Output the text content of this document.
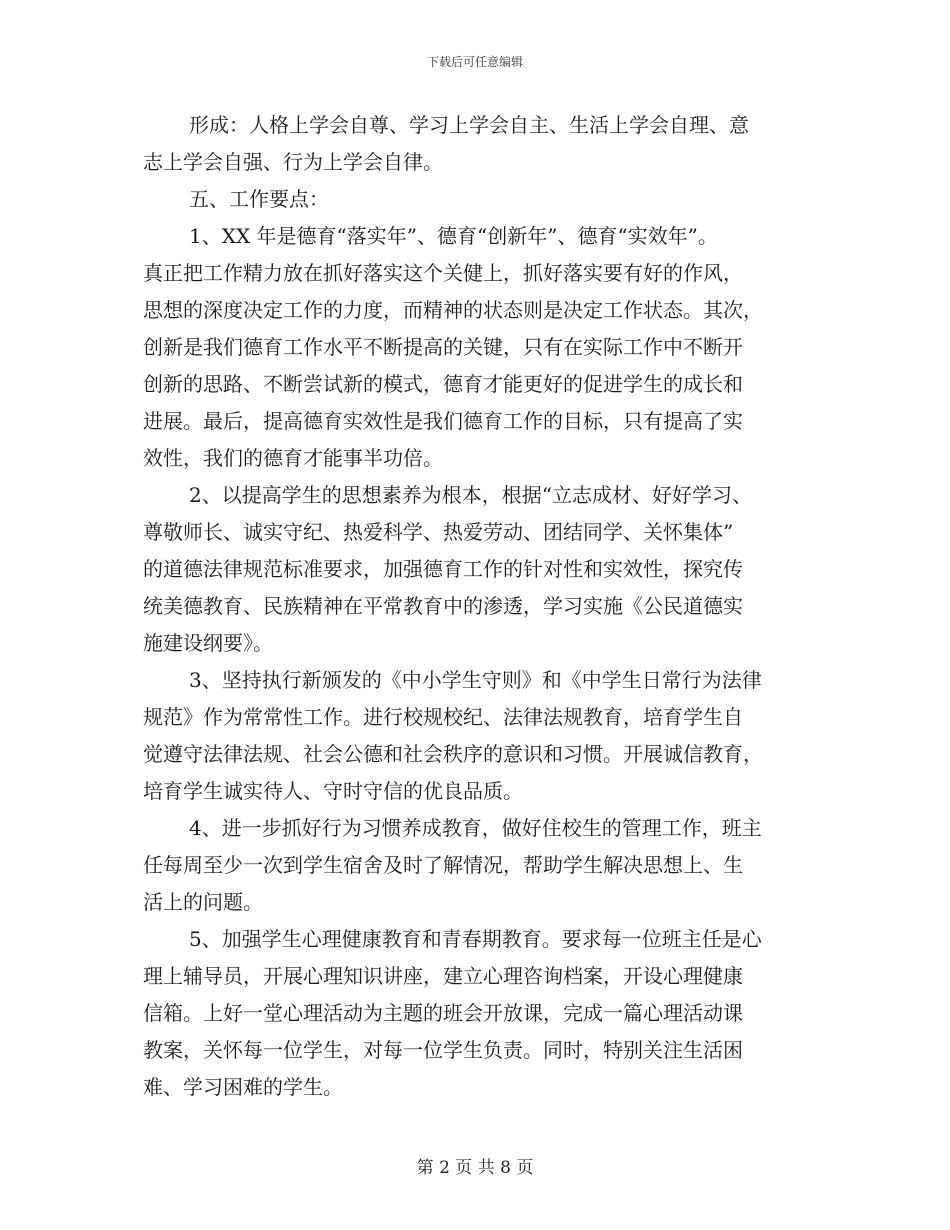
下载后可任意编辑
形成：人格上学会自尊、学习上学会自主、生活上学会自理、意
志上学会自强、行为上学会自律。
五、工作要点：
1、XX 年是德育“落实年”、德育“创新年”、德育“实效年”。
真正把工作精力放在抓好落实这个关健上，抓好落实要有好的作风，
思想的深度决定工作的力度，而精神的状态则是决定工作状态。其次，
创新是我们德育工作水平不断提高的关键，只有在实际工作中不断开
创新的思路、不断尝试新的模式，德育才能更好的促进学生的成长和
进展。最后，提高德育实效性是我们德育工作的目标，只有提高了实
效性，我们的德育才能事半功倍。
2、以提高学生的思想素养为根本，根据“立志成材、好好学习、
尊敬师长、诚实守纪、热爱科学、热爱劳动、团结同学、关怀集体”
的道德法律规范标准要求，加强德育工作的针对性和实效性，探究传
统美德教育、民族精神在平常教育中的渗透，学习实施《公民道德实
施建设纲要》。
3、坚持执行新颁发的《中小学生守则》和《中学生日常行为法律
规范》作为常常性工作。进行校规校纪、法律法规教育，培育学生自
觉遵守法律法规、社会公德和社会秩序的意识和习惯。开展诚信教育，
培育学生诚实待人、守时守信的优良品质。
4、进一步抓好行为习惯养成教育，做好住校生的管理工作，班主
任每周至少一次到学生宿舍及时了解情况，帮助学生解决思想上、生
活上的问题。
5、加强学生心理健康教育和青春期教育。要求每一位班主任是心
理上辅导员，开展心理知识讲座，建立心理咨询档案，开设心理健康
信箱。上好一堂心理活动为主题的班会开放课，完成一篇心理活动课
教案，关怀每一位学生，对每一位学生负责。同时，特别关注生活困
难、学习困难的学生。
第 2 页 共 8 页
